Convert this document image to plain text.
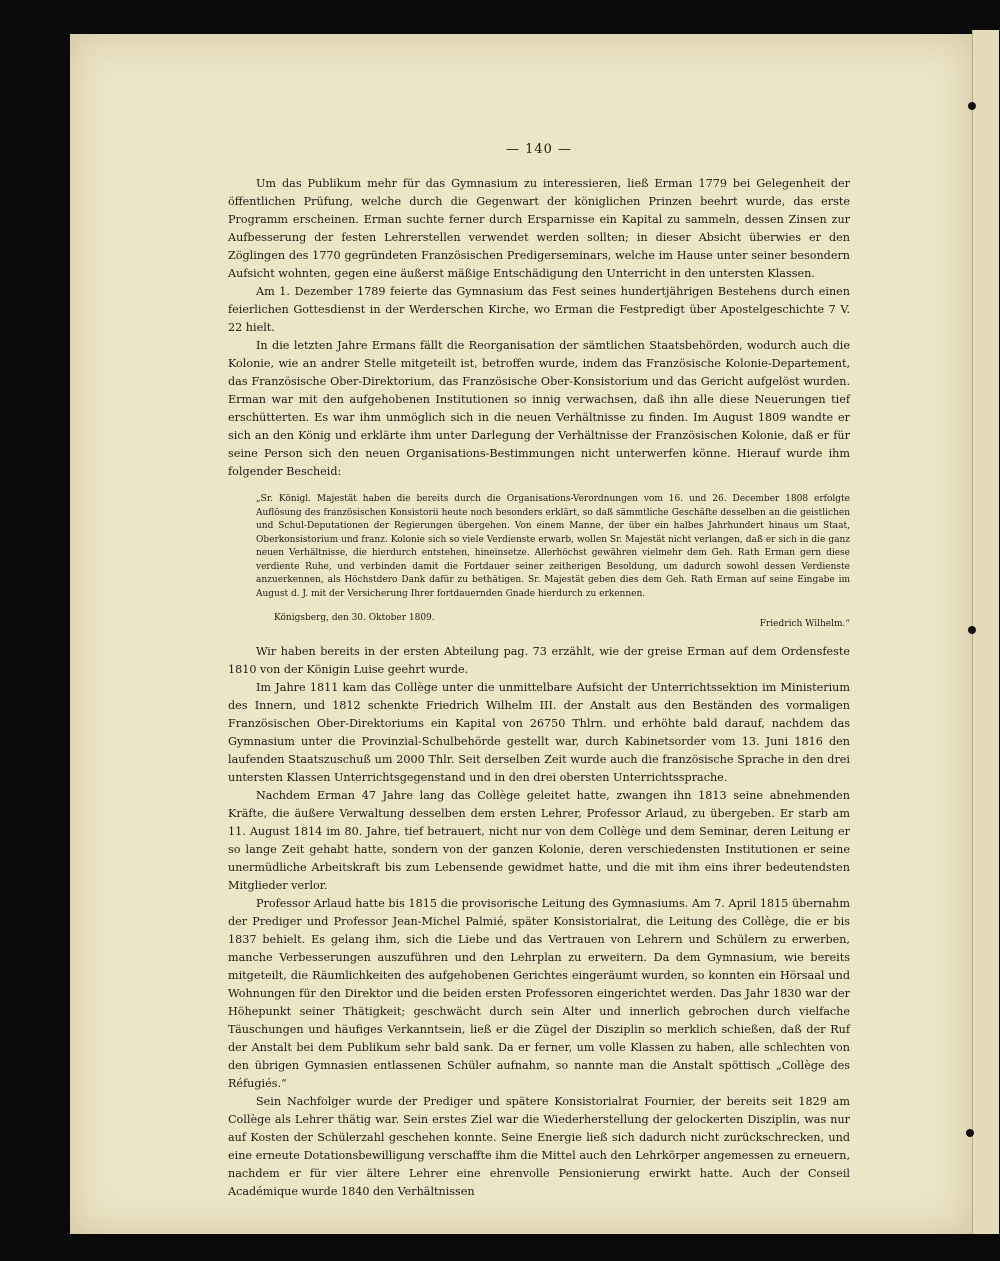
— 140 —

Um das Publikum mehr für das Gymnasium zu interessieren, ließ Erman 1779 bei Gelegenheit der öffentlichen Prüfung, welche durch die Gegenwart der königlichen Prinzen beehrt wurde, das erste Programm erscheinen. Erman suchte ferner durch Ersparnisse ein Kapital zu sammeln, dessen Zinsen zur Aufbesserung der festen Lehrerstellen verwendet werden sollten; in dieser Absicht überwies er den Zöglingen des 1770 gegründeten Französischen Predigerseminars, welche im Hause unter seiner besondern Aufsicht wohnten, gegen eine äußerst mäßige Entschädigung den Unterricht in den untersten Klassen.

Am 1. Dezember 1789 feierte das Gymnasium das Fest seines hundertjährigen Bestehens durch einen feierlichen Gottesdienst in der Werderschen Kirche, wo Erman die Festpredigt über Apostelgeschichte 7 V. 22 hielt.

In die letzten Jahre Ermans fällt die Reorganisation der sämtlichen Staatsbehörden, wodurch auch die Kolonie, wie an andrer Stelle mitgeteilt ist, betroffen wurde, indem das Französische Kolonie-Departement, das Französische Ober-Direktorium, das Französische Ober-Konsistorium und das Gericht aufgelöst wurden. Erman war mit den aufgehobenen Institutionen so innig verwachsen, daß ihn alle diese Neuerungen tief erschütterten. Es war ihm unmöglich sich in die neuen Verhältnisse zu finden. Im August 1809 wandte er sich an den König und erklärte ihm unter Darlegung der Verhältnisse der Französischen Kolonie, daß er für seine Person sich den neuen Organisations-Bestimmungen nicht unterwerfen könne. Hierauf wurde ihm folgender Bescheid:

„Sr. Königl. Majestät haben die bereits durch die Organisations-Verordnungen vom 16. und 26. December 1808 erfolgte Auflösung des französischen Konsistorii heute noch besonders erklärt, so daß sämmtliche Geschäfte desselben an die geistlichen und Schul-Deputationen der Regierungen übergehen. Von einem Manne, der über ein halbes Jahrhundert hinaus um Staat, Oberkonsistorium und franz. Kolonie sich so viele Verdienste erwarb, wollen Sr. Majestät nicht verlangen, daß er sich in die ganz neuen Verhältnisse, die hierdurch entstehen, hineinsetze. Allerhöchst gewähren vielmehr dem Geh. Rath Erman gern diese verdiente Ruhe, und verbinden damit die Fortdauer seiner zeitherigen Besoldung, um dadurch sowohl dessen Verdienste anzuerkennen, als Höchstdero Dank dafür zu bethätigen. Sr. Majestät geben dies dem Geh. Rath Erman auf seine Eingabe im August d. J. mit der Versicherung Ihrer fortdauernden Gnade hierdurch zu erkennen.

Königsberg, den 30. Oktober 1809.
Friedrich Wilhelm.“

Wir haben bereits in der ersten Abteilung pag. 73 erzählt, wie der greise Erman auf dem Ordensfeste 1810 von der Königin Luise geehrt wurde.

Im Jahre 1811 kam das Collège unter die unmittelbare Aufsicht der Unterrichtssektion im Ministerium des Innern, und 1812 schenkte Friedrich Wilhelm III. der Anstalt aus den Beständen des vormaligen Französischen Ober-Direktoriums ein Kapital von 26750 Thlrn. und erhöhte bald darauf, nachdem das Gymnasium unter die Provinzial-Schulbehörde gestellt war, durch Kabinetsorder vom 13. Juni 1816 den laufenden Staatszuschuß um 2000 Thlr. Seit derselben Zeit wurde auch die französische Sprache in den drei untersten Klassen Unterrichtsgegenstand und in den drei obersten Unterrichtssprache.

Nachdem Erman 47 Jahre lang das Collège geleitet hatte, zwangen ihn 1813 seine abnehmenden Kräfte, die äußere Verwaltung desselben dem ersten Lehrer, Professor Arlaud, zu übergeben. Er starb am 11. August 1814 im 80. Jahre, tief betrauert, nicht nur von dem Collège und dem Seminar, deren Leitung er so lange Zeit gehabt hatte, sondern von der ganzen Kolonie, deren verschiedensten Institutionen er seine unermüdliche Arbeitskraft bis zum Lebensende gewidmet hatte, und die mit ihm eins ihrer bedeutendsten Mitglieder verlor.

Professor Arlaud hatte bis 1815 die provisorische Leitung des Gymnasiums. Am 7. April 1815 übernahm der Prediger und Professor Jean-Michel Palmié, später Konsistorialrat, die Leitung des Collège, die er bis 1837 behielt. Es gelang ihm, sich die Liebe und das Vertrauen von Lehrern und Schülern zu erwerben, manche Verbesserungen auszuführen und den Lehrplan zu erweitern. Da dem Gymnasium, wie bereits mitgeteilt, die Räumlichkeiten des aufgehobenen Gerichtes eingeräumt wurden, so konnten ein Hörsaal und Wohnungen für den Direktor und die beiden ersten Professoren eingerichtet werden. Das Jahr 1830 war der Höhepunkt seiner Thätigkeit; geschwächt durch sein Alter und innerlich gebrochen durch vielfache Täuschungen und häufiges Verkanntsein, ließ er die Zügel der Disziplin so merklich schießen, daß der Ruf der Anstalt bei dem Publikum sehr bald sank. Da er ferner, um volle Klassen zu haben, alle schlechten von den übrigen Gymnasien entlassenen Schüler aufnahm, so nannte man die Anstalt spöttisch „Collège des Réfugiés.“

Sein Nachfolger wurde der Prediger und spätere Konsistorialrat Fournier, der bereits seit 1829 am Collège als Lehrer thätig war. Sein erstes Ziel war die Wiederherstellung der gelockerten Disziplin, was nur auf Kosten der Schülerzahl geschehen konnte. Seine Energie ließ sich dadurch nicht zurückschrecken, und eine erneute Dotationsbewilligung verschaffte ihm die Mittel auch den Lehrkörper angemessen zu erneuern, nachdem er für vier ältere Lehrer eine ehrenvolle Pensionierung erwirkt hatte. Auch der Conseil Académique wurde 1840 den Verhältnissen
